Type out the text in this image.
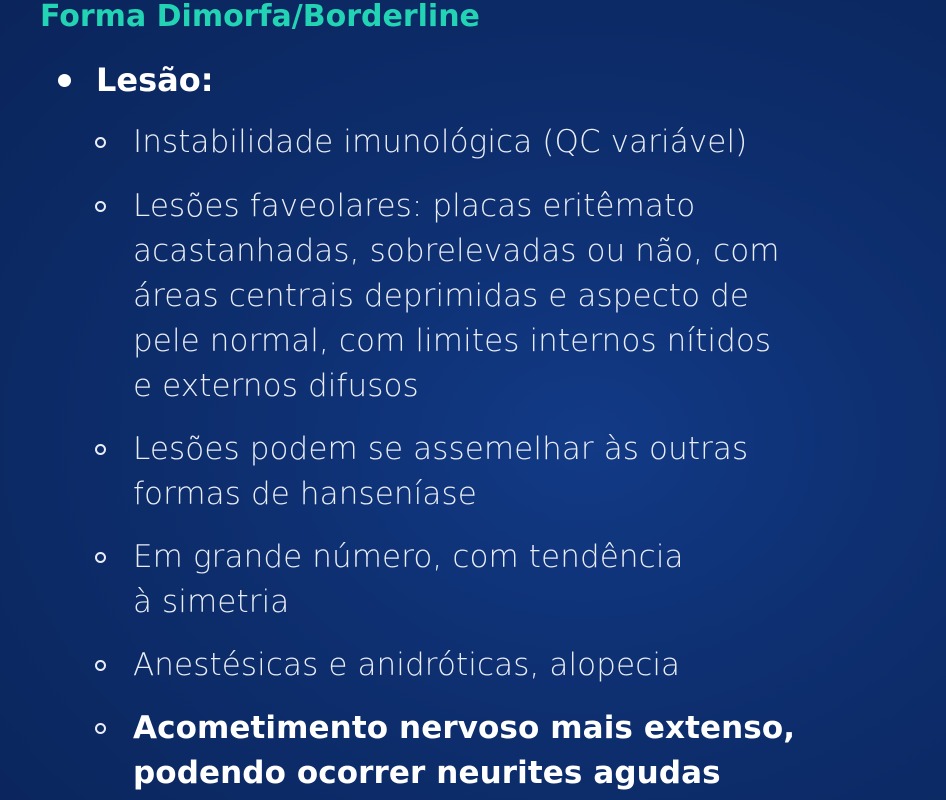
Forma Dimorfa/Borderline
Lesão:
Instabilidade imunológica (QC variável)
Lesões faveolares: placas eritêmato
acastanhadas, sobrelevadas ou não, com
áreas centrais deprimidas e aspecto de
pele normal, com limites internos nítidos
e externos difusos
Lesões podem se assemelhar às outras
formas de hanseníase
Em grande número, com tendência
à simetria
Anestésicas e anidróticas, alopecia
Acometimento nervoso mais extenso,
podendo ocorrer neurites agudas
